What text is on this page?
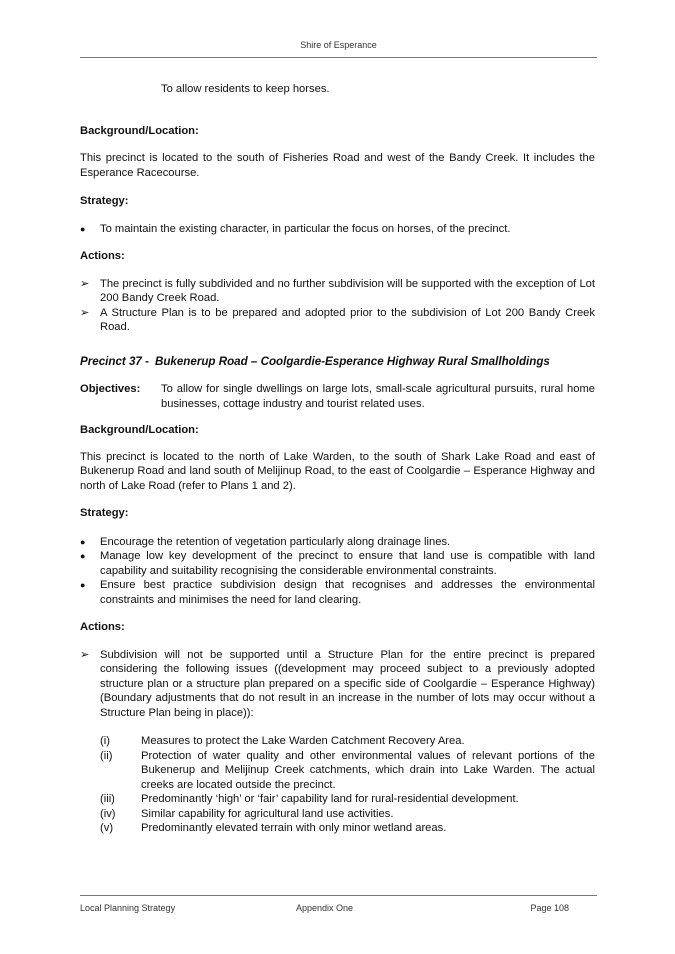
Shire of Esperance

To allow residents to keep horses.

Background/Location:

This precinct is located to the south of Fisheries Road and west of the Bandy Creek. It includes the Esperance Racecourse.

Strategy:

●	To maintain the existing character, in particular the focus on horses, of the precinct.

Actions:

➢ The precinct is fully subdivided and no further subdivision will be supported with the exception of Lot 200 Bandy Creek Road.
➢ A Structure Plan is to be prepared and adopted prior to the subdivision of Lot 200 Bandy Creek Road.

Precinct 37 - Bukenerup Road – Coolgardie-Esperance Highway Rural Smallholdings

Objectives:	To allow for single dwellings on large lots, small-scale agricultural pursuits, rural home businesses, cottage industry and tourist related uses.

Background/Location:

This precinct is located to the north of Lake Warden, to the south of Shark Lake Road and east of Bukenerup Road and land south of Melijinup Road, to the east of Coolgardie – Esperance Highway and north of Lake Road (refer to Plans 1 and 2).

Strategy:

●	Encourage the retention of vegetation particularly along drainage lines.
●	Manage low key development of the precinct to ensure that land use is compatible with land capability and suitability recognising the considerable environmental constraints.
●	Ensure best practice subdivision design that recognises and addresses the environmental constraints and minimises the need for land clearing.

Actions:

➢ Subdivision will not be supported until a Structure Plan for the entire precinct is prepared considering the following issues ((development may proceed subject to a previously adopted structure plan or a structure plan prepared on a specific side of Coolgardie – Esperance Highway) (Boundary adjustments that do not result in an increase in the number of lots may occur without a Structure Plan being in place)):
(i)	Measures to protect the Lake Warden Catchment Recovery Area.
(ii)	Protection of water quality and other environmental values of relevant portions of the Bukenerup and Melijinup Creek catchments, which drain into Lake Warden. The actual creeks are located outside the precinct.
(iii) Predominantly ‘high’ or ‘fair’ capability land for rural-residential development.
(iv) Similar capability for agricultural land use activities.
(v) Predominantly elevated terrain with only minor wetland areas.
Local Planning Strategy	Appendix One	Page 108
